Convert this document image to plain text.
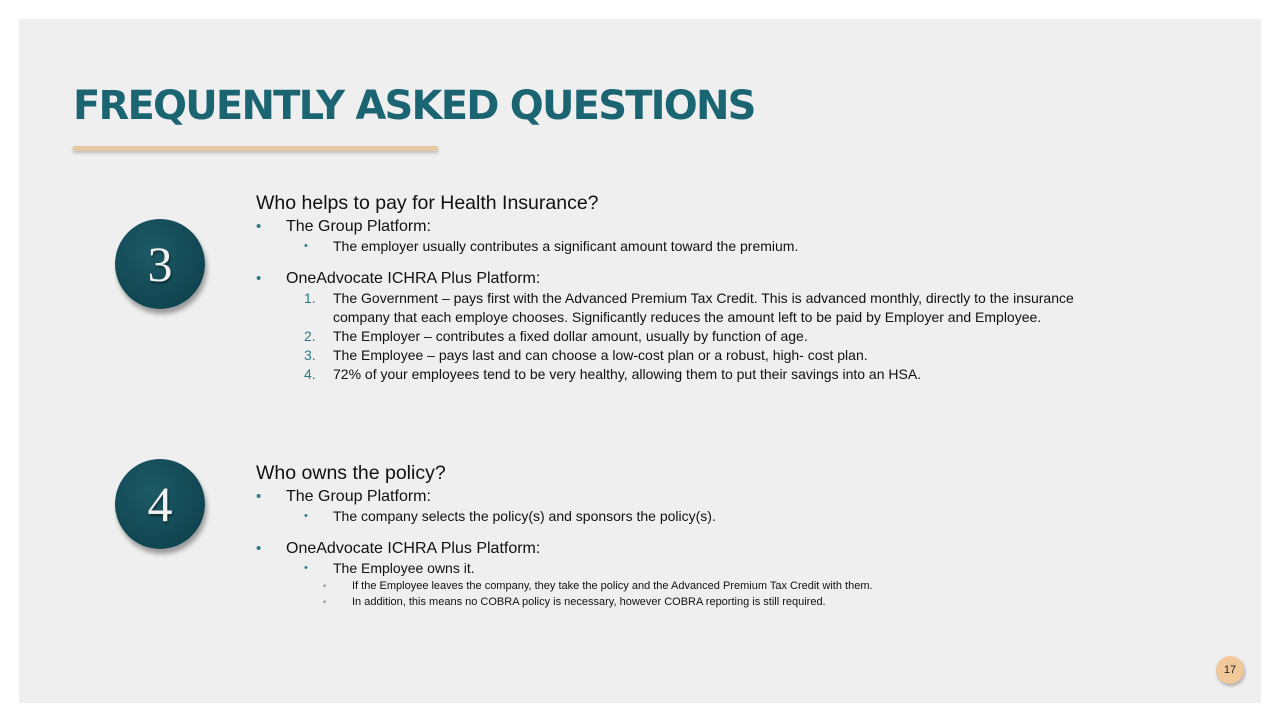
FREQUENTLY ASKED QUESTIONS
3
Who helps to pay for Health Insurance?
• The Group Platform:
• The employer usually contributes a significant amount toward the premium.
• OneAdvocate ICHRA Plus Platform:
1. The Government – pays first with the Advanced Premium Tax Credit. This is advanced monthly, directly to the insurance
company that each employe chooses. Significantly reduces the amount left to be paid by Employer and Employee.
2. The Employer – contributes a fixed dollar amount, usually by function of age.
3. The Employee – pays last and can choose a low-cost plan or a robust, high- cost plan.
4. 72% of your employees tend to be very healthy, allowing them to put their savings into an HSA.
4
Who owns the policy?
• The Group Platform:
• The company selects the policy(s) and sponsors the policy(s).
• OneAdvocate ICHRA Plus Platform:
• The Employee owns it.
• If the Employee leaves the company, they take the policy and the Advanced Premium Tax Credit with them.
• In addition, this means no COBRA policy is necessary, however COBRA reporting is still required.
17
